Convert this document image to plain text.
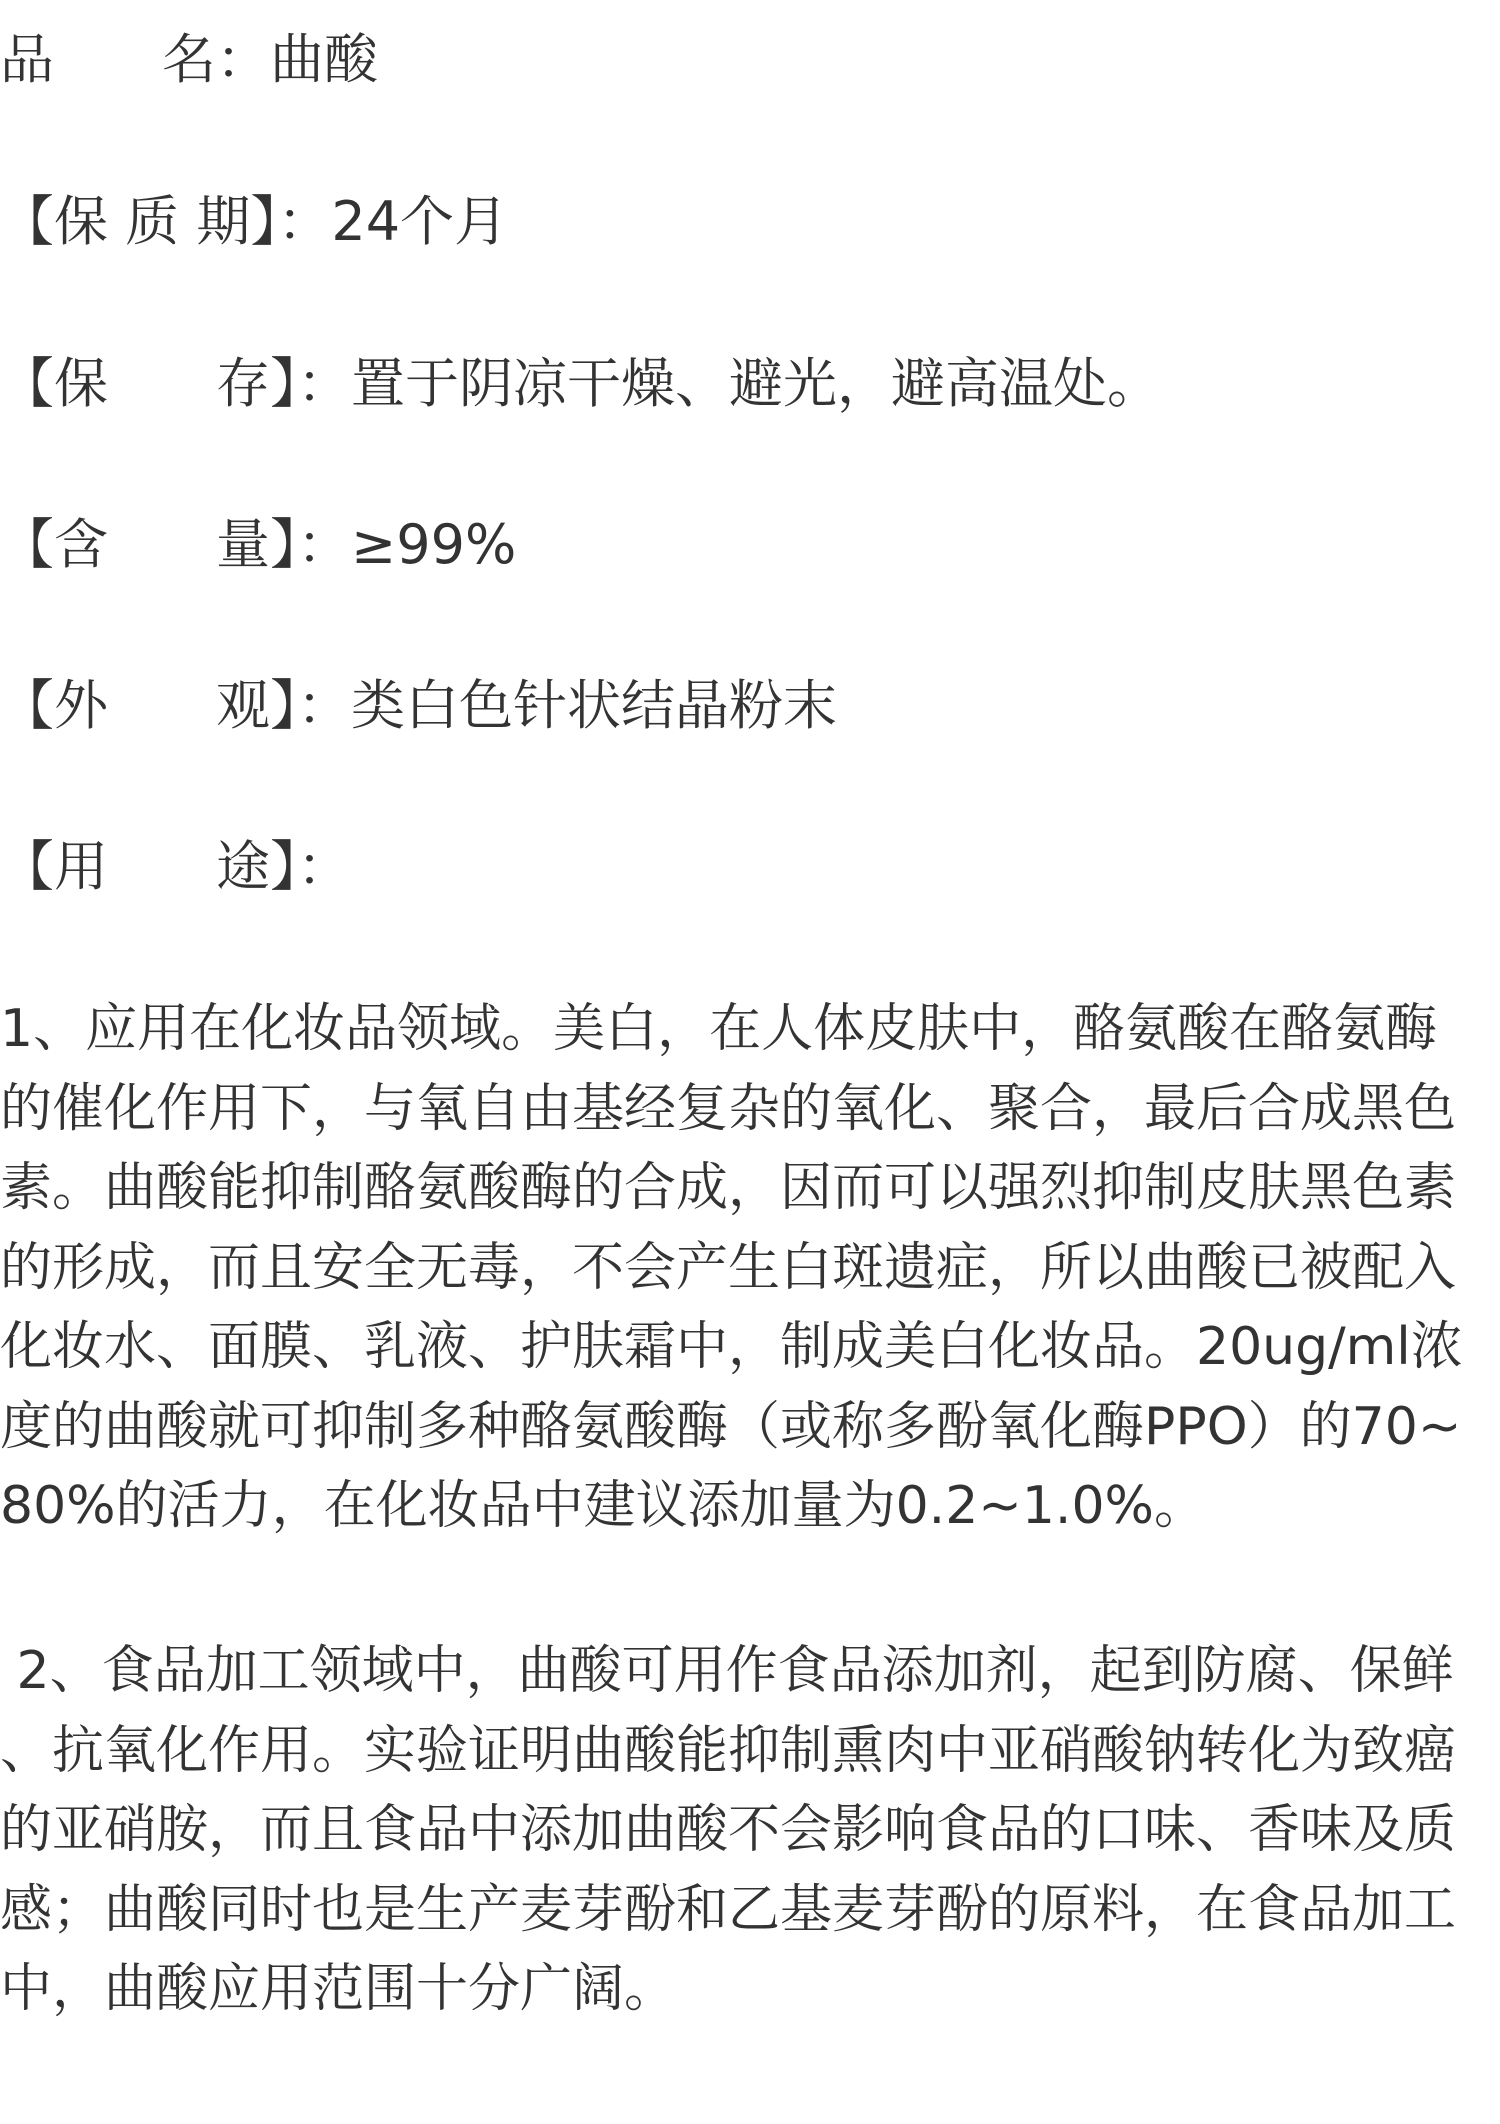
品　　名：曲酸
【保 质 期】：24个月
【保　　存】：置于阴凉干燥、避光，避高温处。
【含　　量】：≥99%
【外　　观】：类白色针状结晶粉末
【用　　途】：
1、应用在化妆品领域。美白，在人体皮肤中，酪氨酸在酪氨酶
的催化作用下，与氧自由基经复杂的氧化、聚合，最后合成黑色
素。曲酸能抑制酪氨酸酶的合成，因而可以强烈抑制皮肤黑色素
的形成，而且安全无毒，不会产生白斑遗症，所以曲酸已被配入
化妆水、面膜、乳液、护肤霜中，制成美白化妆品。20ug/ml浓
度的曲酸就可抑制多种酪氨酸酶（或称多酚氧化酶PPO）的70~
80%的活力，在化妆品中建议添加量为0.2~1.0%。
2、食品加工领域中，曲酸可用作食品添加剂，起到防腐、保鲜
、抗氧化作用。实验证明曲酸能抑制熏肉中亚硝酸钠转化为致癌
的亚硝胺，而且食品中添加曲酸不会影响食品的口味、香味及质
感；曲酸同时也是生产麦芽酚和乙基麦芽酚的原料，在食品加工
中，曲酸应用范围十分广阔。
